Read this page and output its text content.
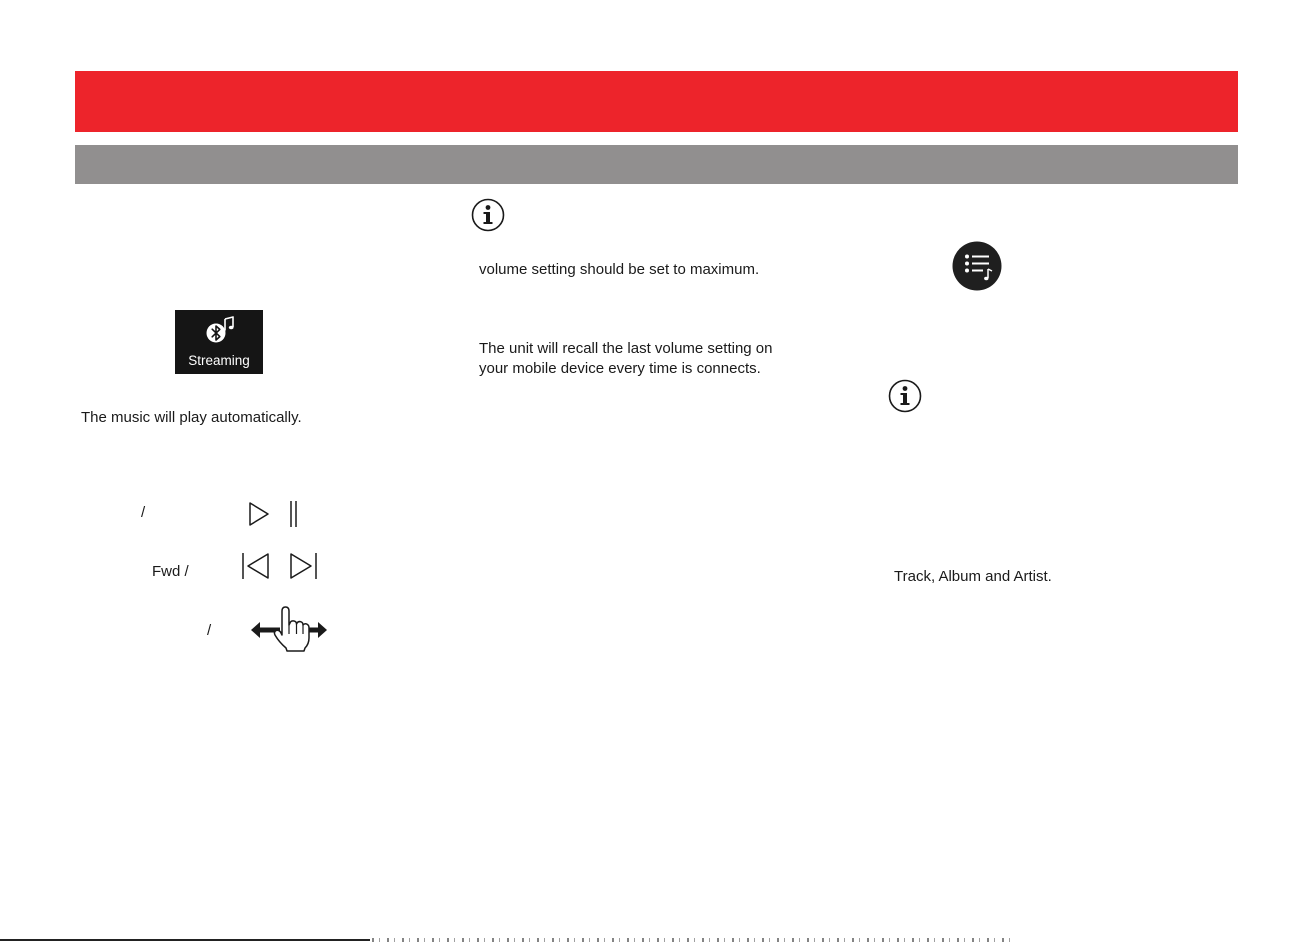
Streaming
The music will play automatically.
/
Fwd /
/
volume setting should be set to maximum.
The unit will recall the last volume setting on
your mobile device every time is connects.
Track, Album and Artist.
